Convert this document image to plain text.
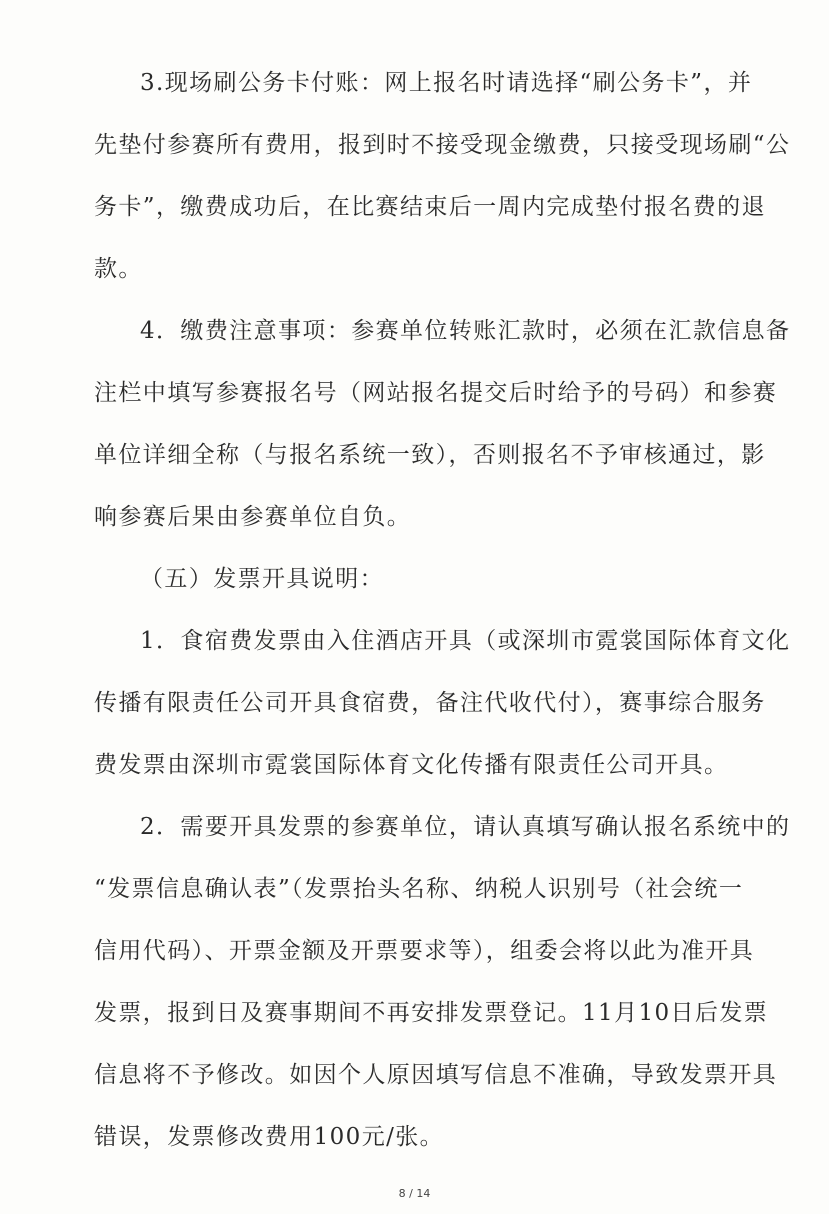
3.现场刷公务卡付账：网上报名时请选择“刷公务卡”，并
先垫付参赛所有费用，报到时不接受现金缴费，只接受现场刷“公
务卡”，缴费成功后，在比赛结束后一周内完成垫付报名费的退
款。
4．缴费注意事项：参赛单位转账汇款时，必须在汇款信息备
注栏中填写参赛报名号（网站报名提交后时给予的号码）和参赛
单位详细全称（与报名系统一致），否则报名不予审核通过，影
响参赛后果由参赛单位自负。
（五）发票开具说明：
1．食宿费发票由入住酒店开具（或深圳市霓裳国际体育文化
传播有限责任公司开具食宿费，备注代收代付），赛事综合服务
费发票由深圳市霓裳国际体育文化传播有限责任公司开具。
2．需要开具发票的参赛单位，请认真填写确认报名系统中的
“发票信息确认表”（发票抬头名称、纳税人识别号（社会统一
信用代码）、开票金额及开票要求等），组委会将以此为准开具
发票，报到日及赛事期间不再安排发票登记。11月10日后发票
信息将不予修改。如因个人原因填写信息不准确，导致发票开具
错误，发票修改费用100元/张。
8 / 14
